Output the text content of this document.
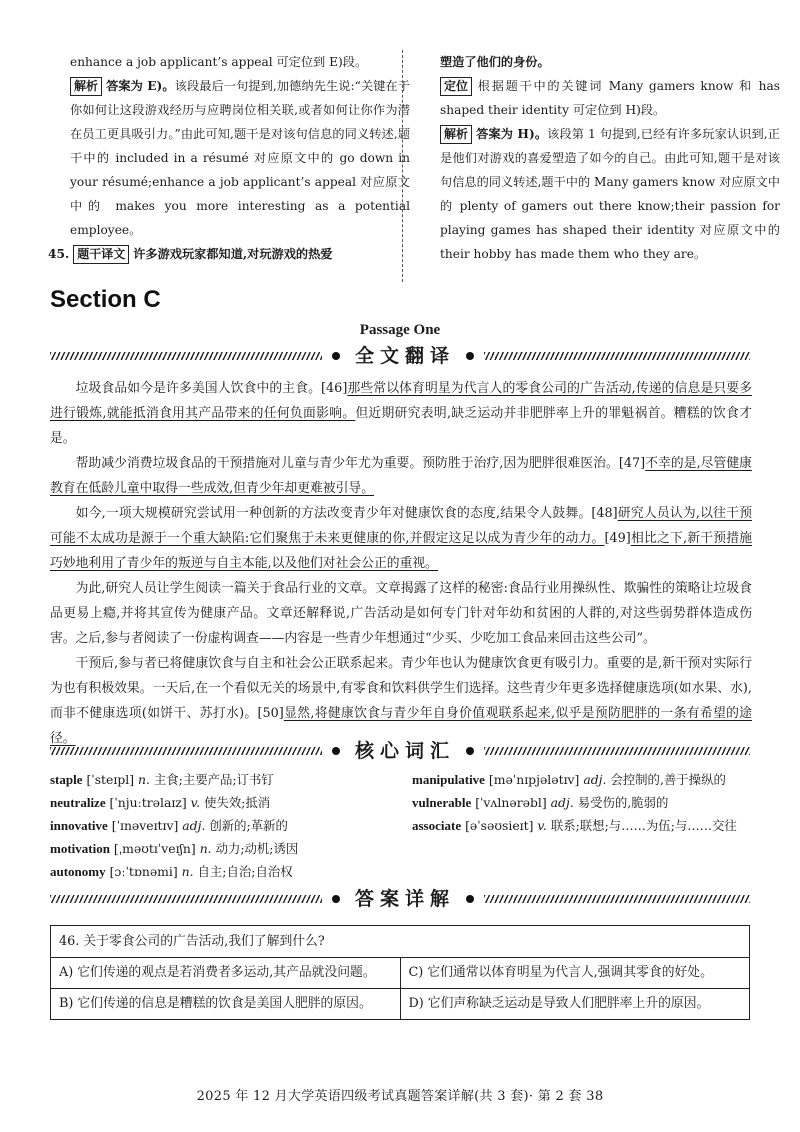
enhance a job applicant’s appeal 可定位到 E)段。

解析 答案为 E)。该段最后一句提到,加德纳先生说:“关键在于你如何让这段游戏经历与应聘岗位相关联,或者如何让你作为潜在员工更具吸引力。”由此可知,题干是对该句信息的同义转述,题干中的 included in a résumé 对应原文中的 go down in your résumé;enhance a job applicant’s appeal 对应原文中的 makes you more interesting as a potential employee。

45. 题干译文 许多游戏玩家都知道,对玩游戏的热爱

塑造了他们的身份。

定位 根据题干中的关键词 Many gamers know 和 has shaped their identity 可定位到 H)段。

解析 答案为 H)。该段第 1 句提到,已经有许多玩家认识到,正是他们对游戏的喜爱塑造了如今的自己。由此可知,题干是对该句信息的同义转述,题干中的 Many gamers know 对应原文中的 plenty of gamers out there know;their passion for playing games has shaped their identity 对应原文中的 their hobby has made them who they are。

Section C
Passage One
全文翻译

垃圾食品如今是许多美国人饮食中的主食。[46]那些常以体育明星为代言人的零食公司的广告活动,传递的信息是只要多进行锻炼,就能抵消食用其产品带来的任何负面影响。但近期研究表明,缺乏运动并非肥胖率上升的罪魁祸首。糟糕的饮食才是。

帮助减少消费垃圾食品的干预措施对儿童与青少年尤为重要。预防胜于治疗,因为肥胖很难医治。[47]不幸的是,尽管健康教育在低龄儿童中取得一些成效,但青少年却更难被引导。

如今,一项大规模研究尝试用一种创新的方法改变青少年对健康饮食的态度,结果令人鼓舞。[48]研究人员认为,以往干预可能不太成功是源于一个重大缺陷:它们聚焦于未来更健康的你,并假定这足以成为青少年的动力。[49]相比之下,新干预措施巧妙地利用了青少年的叛逆与自主本能,以及他们对社会公正的重视。

为此,研究人员让学生阅读一篇关于食品行业的文章。文章揭露了这样的秘密:食品行业用操纵性、欺骗性的策略让垃圾食品更易上瘾,并将其宣传为健康产品。文章还解释说,广告活动是如何专门针对年幼和贫困的人群的,对这些弱势群体造成伤害。之后,参与者阅读了一份虚构调查——内容是一些青少年想通过“少买、少吃加工食品来回击这些公司”。

干预后,参与者已将健康饮食与自主和社会公正联系起来。青少年也认为健康饮食更有吸引力。重要的是,新干预对实际行为也有积极效果。一天后,在一个看似无关的场景中,有零食和饮料供学生们选择。这些青少年更多选择健康选项(如水果、水),而非不健康选项(如饼干、苏打水)。[50]显然,将健康饮食与青少年自身价值观联系起来,似乎是预防肥胖的一条有希望的途径。

核心词汇

staple [ˈsteɪpl] n. 主食;主要产品;订书钉

neutralize [ˈnjuːtrəlaɪz] v. 使失效;抵消

innovative [ˈɪnəveɪtɪv] adj. 创新的;革新的

motivation [ˌməʊtɪˈveɪʃn] n. 动力;动机;诱因

autonomy [ɔːˈtɒnəmi] n. 自主;自治;自治权

manipulative [məˈnɪpjələtɪv] adj. 会控制的,善于操纵的

vulnerable [ˈvʌlnərəbl] adj. 易受伤的,脆弱的

associate [əˈsəʊsieɪt] v. 联系;联想;与……为伍;与……交往

答案详解
46. 关于零食公司的广告活动,我们了解到什么?	

A) 它们传递的观点是若消费者多运动,其产品就没问题。	C) 它们通常以体育明星为代言人,强调其零食的好处。

B) 它们传递的信息是糟糕的饮食是美国人肥胖的原因。	D) 它们声称缺乏运动是导致人们肥胖率上升的原因。
2025 年 12 月大学英语四级考试真题答案详解(共 3 套)· 第 2 套 38
